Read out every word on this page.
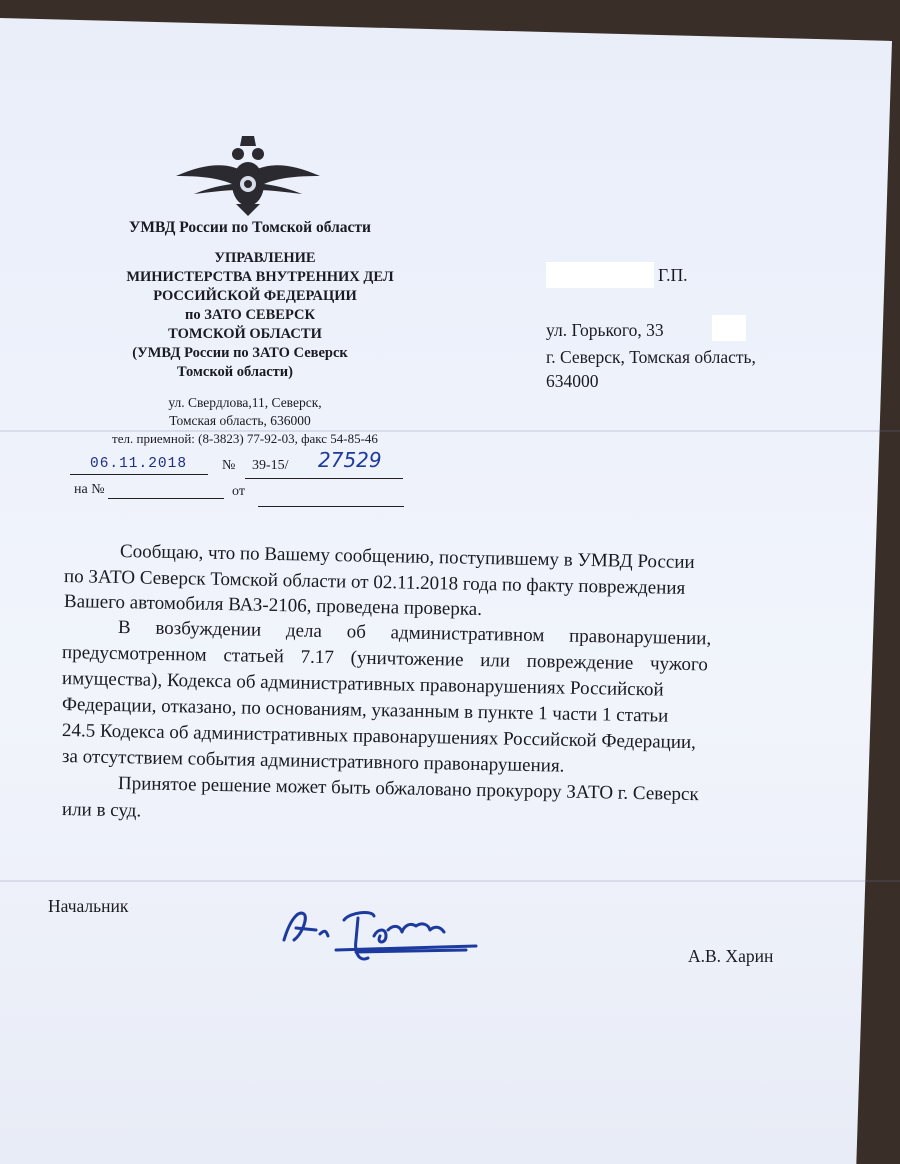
УМВД России по Томской области
УПРАВЛЕНИЕ
МИНИСТЕРСТВА ВНУТРЕННИХ ДЕЛ
РОССИЙСКОЙ ФЕДЕРАЦИИ
по ЗАТО СЕВЕРСК
ТОМСКОЙ ОБЛАСТИ
(УМВД России по ЗАТО Северск
Томской области)
ул. Свердлова,11, Северск,
Томская область, 636000
тел. приемной: (8-3823) 77-92-03, факс 54-85-46
06.11.2018 № 39-15/ 27529
на №	от
Г.П.
ул. Горького, 33
г. Северск, Томская область,
634000
Сообщаю, что по Вашему сообщению, поступившему в УМВД России
по ЗАТО Северск Томской области от 02.11.2018 года по факту повреждения
Вашего автомобиля ВАЗ-2106, проведена проверка.
В возбуждении дела об административном правонарушении,
предусмотренном статьей 7.17 (уничтожение или повреждение чужого
имущества), Кодекса об административных правонарушениях Российской
Федерации, отказано, по основаниям, указанным в пункте 1 части 1 статьи
24.5 Кодекса об административных правонарушениях Российской Федерации,
за отсутствием события административного правонарушения.
Принятое решение может быть обжаловано прокурору ЗАТО г. Северск
или в суд.
Начальник
А.В. Харин
